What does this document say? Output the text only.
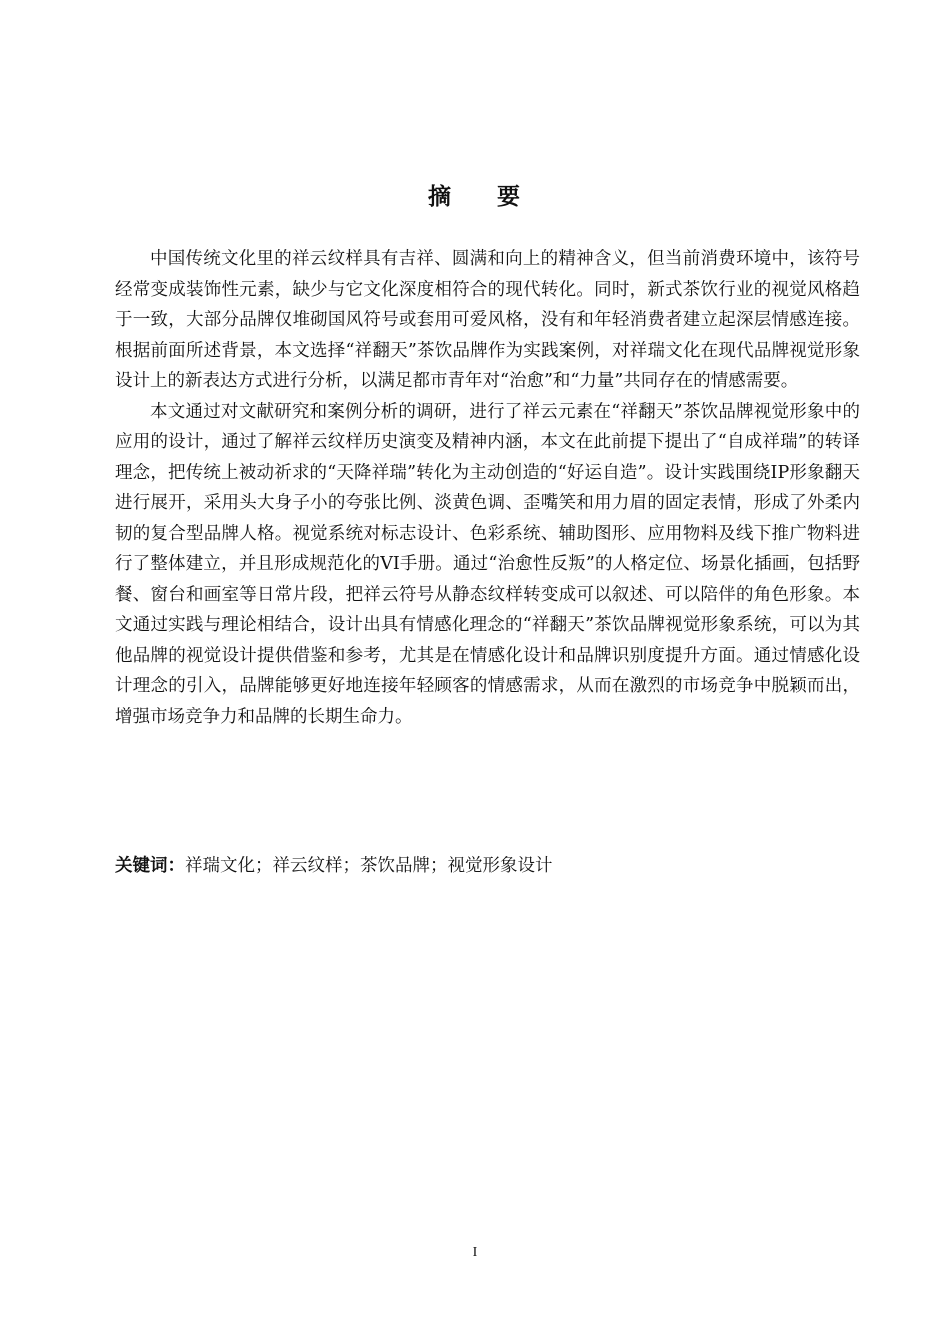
摘 要

中国传统文化里的祥云纹样具有吉祥、圆满和向上的精神含义，但当前消费环境中，该符号经常变成装饰性元素，缺少与它文化深度相符合的现代转化。同时，新式茶饮行业的视觉风格趋于一致，大部分品牌仅堆砌国风符号或套用可爱风格，没有和年轻消费者建立起深层情感连接。根据前面所述背景，本文选择“祥翻天”茶饮品牌作为实践案例，对祥瑞文化在现代品牌视觉形象设计上的新表达方式进行分析，以满足都市青年对“治愈”和“力量”共同存在的情感需要。

本文通过对文献研究和案例分析的调研，进行了祥云元素在“祥翻天”茶饮品牌视觉形象中的应用的设计，通过了解祥云纹样历史演变及精神内涵，本文在此前提下提出了“自成祥瑞”的转译理念，把传统上被动祈求的“天降祥瑞”转化为主动创造的“好运自造”。设计实践围绕IP形象翻天进行展开，采用头大身子小的夸张比例、淡黄色调、歪嘴笑和用力眉的固定表情，形成了外柔内韧的复合型品牌人格。视觉系统对标志设计、色彩系统、辅助图形、应用物料及线下推广物料进行了整体建立，并且形成规范化的VI手册。通过“治愈性反叛”的人格定位、场景化插画，包括野餐、窗台和画室等日常片段，把祥云符号从静态纹样转变成可以叙述、可以陪伴的角色形象。本文通过实践与理论相结合，设计出具有情感化理念的“祥翻天”茶饮品牌视觉形象系统，可以为其他品牌的视觉设计提供借鉴和参考，尤其是在情感化设计和品牌识别度提升方面。通过情感化设计理念的引入，品牌能够更好地连接年轻顾客的情感需求，从而在激烈的市场竞争中脱颖而出，增强市场竞争力和品牌的长期生命力。

关键词：祥瑞文化；祥云纹样；茶饮品牌；视觉形象设计
I
